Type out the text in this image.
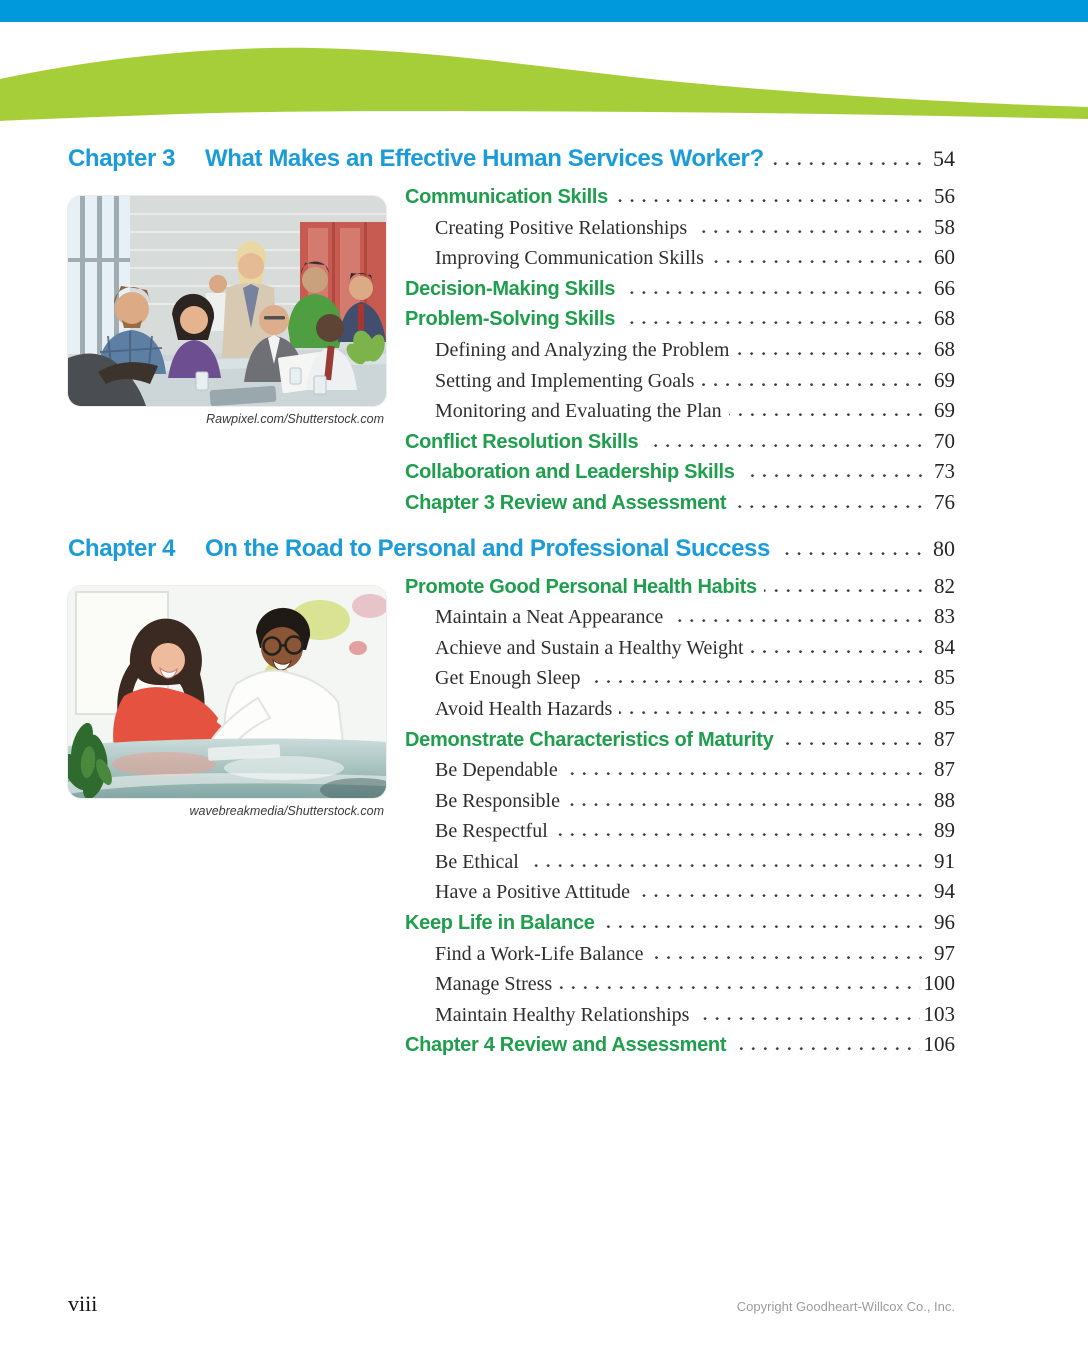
Chapter 3	What Makes an Effective Human Services Worker?	54
Rawpixel.com/Shutterstock.com
Communication Skills	56
Creating Positive Relationships	58
Improving Communication Skills	60
Decision-Making Skills	66
Problem-Solving Skills	68
Defining and Analyzing the Problem	68
Setting and Implementing Goals	69
Monitoring and Evaluating the Plan	69
Conflict Resolution Skills	70
Collaboration and Leadership Skills	73
Chapter 3 Review and Assessment	76
Chapter 4	On the Road to Personal and Professional Success	80
wavebreakmedia/Shutterstock.com
Promote Good Personal Health Habits	82
Maintain a Neat Appearance	83
Achieve and Sustain a Healthy Weight	84
Get Enough Sleep	85
Avoid Health Hazards	85
Demonstrate Characteristics of Maturity	87
Be Dependable	87
Be Responsible	88
Be Respectful	89
Be Ethical	91
Have a Positive Attitude	94
Keep Life in Balance	96
Find a Work-Life Balance	97
Manage Stress	100
Maintain Healthy Relationships	103
Chapter 4 Review and Assessment	106
viii	Copyright Goodheart-Willcox Co., Inc.
